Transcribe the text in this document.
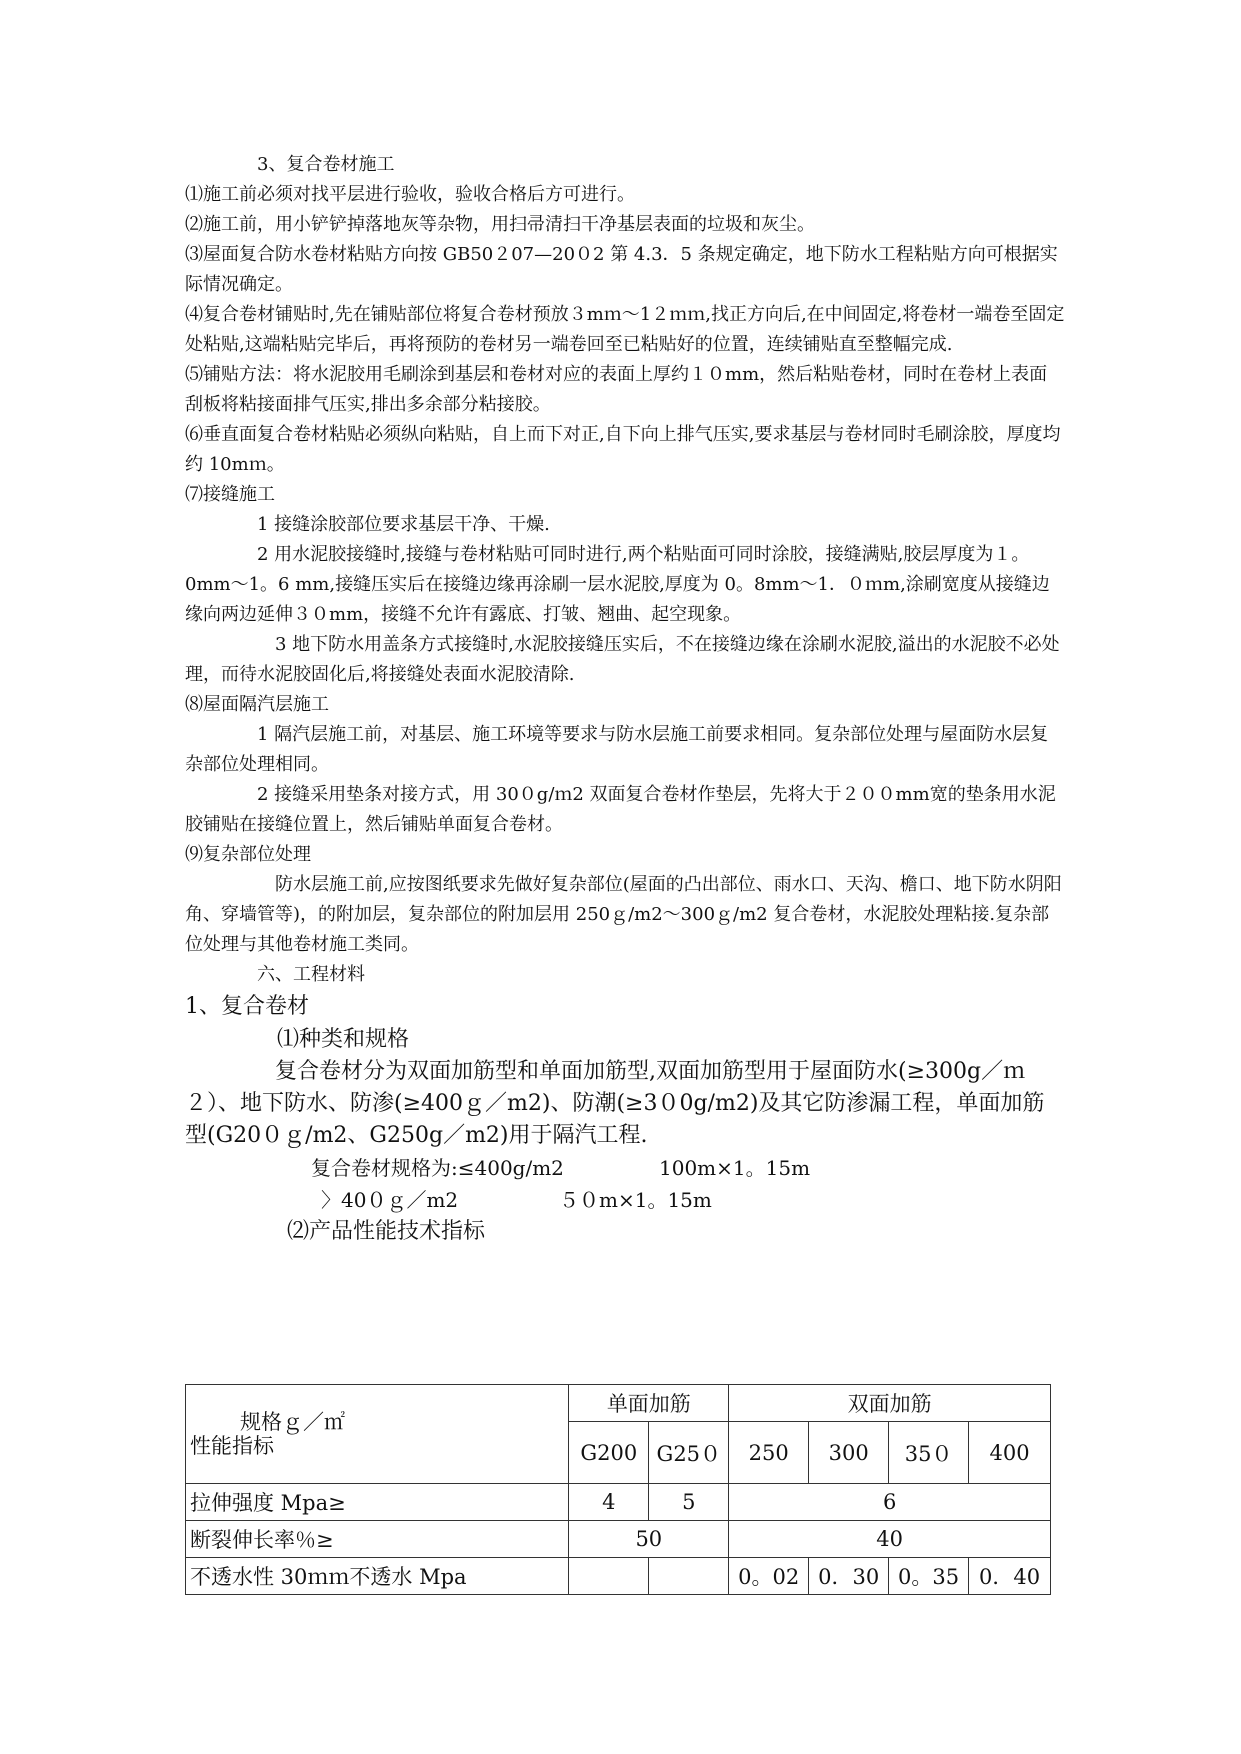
3、复合卷材施工

⑴施工前必须对找平层进行验收，验收合格后方可进行。

⑵施工前，用小铲铲掉落地灰等杂物，用扫帚清扫干净基层表面的垃圾和灰尘。

⑶屋面复合防水卷材粘贴方向按 GB50２07—20０2 第 4.3．5 条规定确定，地下防水工程粘贴方向可根据实际情况确定。

⑷复合卷材铺贴时,先在铺贴部位将复合卷材预放３mｍ～1２ｍｍ,找正方向后,在中间固定,将卷材一端卷至固定处粘贴,这端粘贴完毕后，再将预防的卷材另一端卷回至已粘贴好的位置，连续铺贴直至整幅完成.

⑸铺贴方法：将水泥胶用毛刷涂到基层和卷材对应的表面上厚约１０mm，然后粘贴卷材，同时在卷材上表面刮板将粘接面排气压实,排出多余部分粘接胶。

⑹垂直面复合卷材粘贴必须纵向粘贴，自上而下对正,自下向上排气压实,要求基层与卷材同时毛刷涂胶，厚度均约 10mｍ。

⑺接缝施工

1 接缝涂胶部位要求基层干净、干燥.

2 用水泥胶接缝时,接缝与卷材粘贴可同时进行,两个粘贴面可同时涂胶，接缝满贴,胶层厚度为１。0mm～1。6 mm,接缝压实后在接缝边缘再涂刷一层水泥胶,厚度为 0。8mm～1．０ｍm,涂刷宽度从接缝边缘向两边延伸３０mm，接缝不允许有露底、打皱、翘曲、起空现象。

3 地下防水用盖条方式接缝时,水泥胶接缝压实后，不在接缝边缘在涂刷水泥胶,溢出的水泥胶不必处理，而待水泥胶固化后,将接缝处表面水泥胶清除.

⑻屋面隔汽层施工

1 隔汽层施工前，对基层、施工环境等要求与防水层施工前要求相同。复杂部位处理与屋面防水层复杂部位处理相同。

2 接缝采用垫条对接方式，用 30０g/ｍ2 双面复合卷材作垫层，先将大于２００mm宽的垫条用水泥胶铺贴在接缝位置上，然后铺贴单面复合卷材。

⑼复杂部位处理

防水层施工前,应按图纸要求先做好复杂部位(屋面的凸出部位、雨水口、天沟、檐口、地下防水阴阳角、穿墙管等)，的附加层，复杂部位的附加层用 250ｇ/m2～300ｇ/m2 复合卷材，水泥胶处理粘接.复杂部位处理与其他卷材施工类同。

六、工程材料

1、复合卷材

⑴种类和规格

复合卷材分为双面加筋型和单面加筋型,双面加筋型用于屋面防水(≥300g／ｍ２）、地下防水、防渗(≥400ｇ／m2)、防潮(≥3０0g/m2)及其它防渗漏工程，单面加筋型(G20０ｇ/m2、G250g／m2)用于隔汽工程.

复合卷材规格为:≤400g/m2	100m×1。15m

〉40０ｇ／m2	５０m×1。15m

⑵产品性能技术指标

规格ｇ／㎡
性能指标	单面加筋		双面加筋			
	G200	G25０	250	300	35０	400
拉伸强度 Mpa≥	4	5	6			
断裂伸长率％≥	50		40			
不透水性 30ｍｍ不透水 Mpa			0。02	0．30	0。35	0．40
